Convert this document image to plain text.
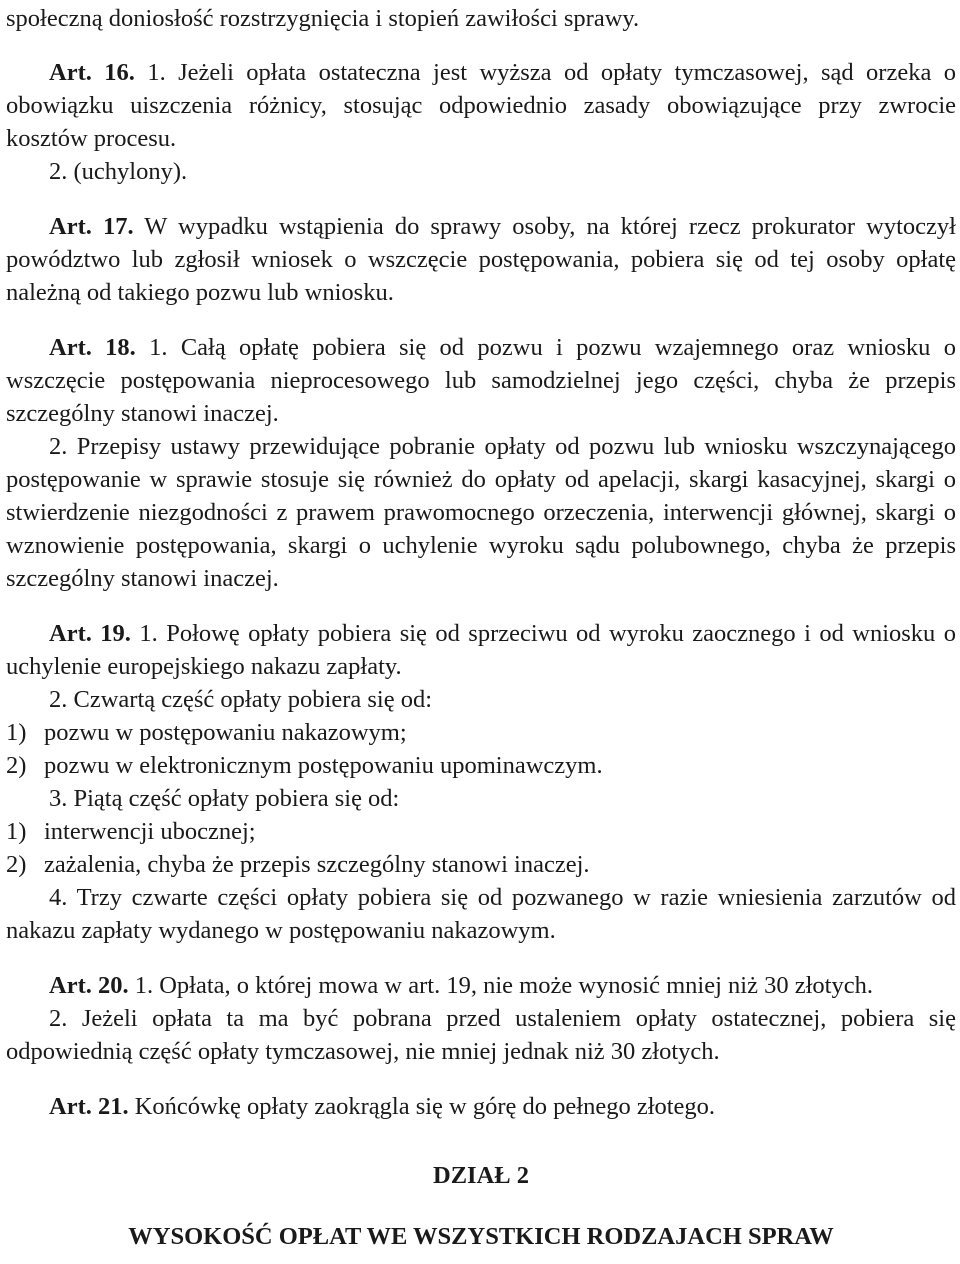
społeczną doniosłość rozstrzygnięcia i stopień zawiłości sprawy.

Art. 16. 1. Jeżeli opłata ostateczna jest wyższa od opłaty tymczasowej, sąd orzeka o obowiązku uiszczenia różnicy, stosując odpowiednio zasady obowiązujące przy zwrocie kosztów procesu.

2. (uchylony).

Art. 17. W wypadku wstąpienia do sprawy osoby, na której rzecz prokurator wytoczył powództwo lub zgłosił wniosek o wszczęcie postępowania, pobiera się od tej osoby opłatę należną od takiego pozwu lub wniosku.

Art. 18. 1. Całą opłatę pobiera się od pozwu i pozwu wzajemnego oraz wniosku o wszczęcie postępowania nieprocesowego lub samodzielnej jego części, chyba że przepis szczególny stanowi inaczej.

2. Przepisy ustawy przewidujące pobranie opłaty od pozwu lub wniosku wszczynającego postępowanie w sprawie stosuje się również do opłaty od apelacji, skargi kasacyjnej, skargi o stwierdzenie niezgodności z prawem prawomocnego orzeczenia, interwencji głównej, skargi o wznowienie postępowania, skargi o uchylenie wyroku sądu polubownego, chyba że przepis szczególny stanowi inaczej.

Art. 19. 1. Połowę opłaty pobiera się od sprzeciwu od wyroku zaocznego i od wniosku o uchylenie europejskiego nakazu zapłaty.

2. Czwartą część opłaty pobiera się od:

1) pozwu w postępowaniu nakazowym;

2) pozwu w elektronicznym postępowaniu upominawczym.

3. Piątą część opłaty pobiera się od:

1) interwencji ubocznej;

2) zażalenia, chyba że przepis szczególny stanowi inaczej.

4. Trzy czwarte części opłaty pobiera się od pozwanego w razie wniesienia zarzutów od nakazu zapłaty wydanego w postępowaniu nakazowym.

Art. 20. 1. Opłata, o której mowa w art. 19, nie może wynosić mniej niż 30 złotych.

2. Jeżeli opłata ta ma być pobrana przed ustaleniem opłaty ostatecznej, pobiera się odpowiednią część opłaty tymczasowej, nie mniej jednak niż 30 złotych.

Art. 21. Końcówkę opłaty zaokrągla się w górę do pełnego złotego.

DZIAŁ 2

WYSOKOŚĆ OPŁAT WE WSZYSTKICH RODZAJACH SPRAW
